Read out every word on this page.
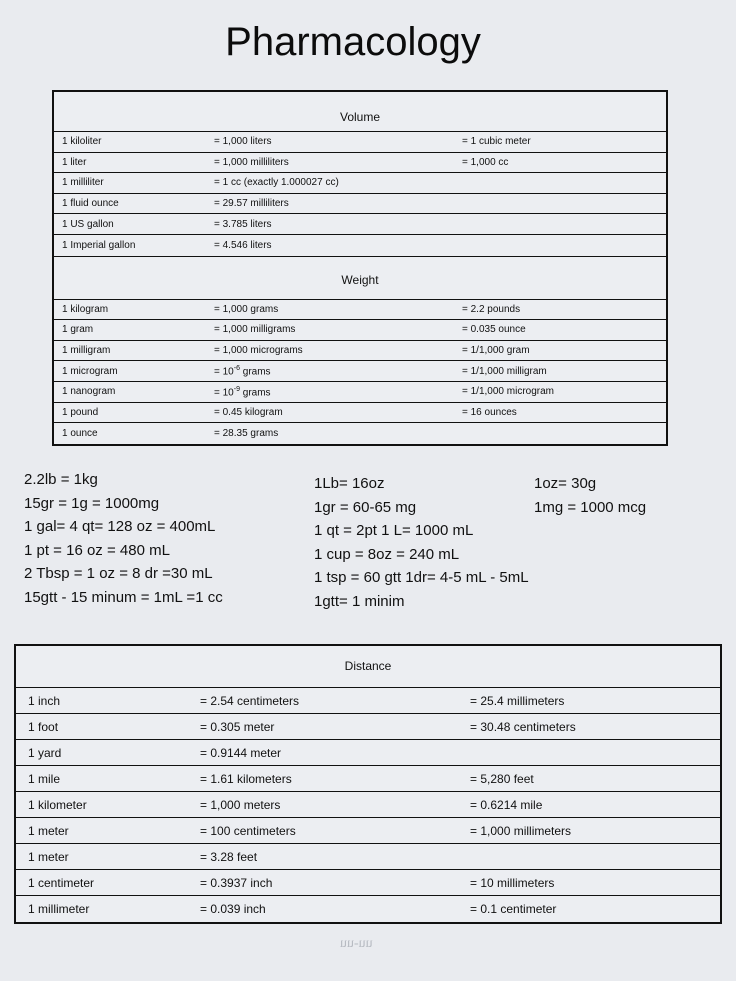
Pharmacology
Volume
1 kiloliter	= 1,000 liters	= 1 cubic meter
1 liter	= 1,000 milliliters	= 1,000 cc
1 milliliter	= 1 cc (exactly 1.000027 cc)
1 fluid ounce	= 29.57 milliliters
1 US gallon	= 3.785 liters
1 Imperial gallon	= 4.546 liters
Weight
1 kilogram	= 1,000 grams	= 2.2 pounds
1 gram	= 1,000 milligrams	= 0.035 ounce
1 milligram	= 1,000 micrograms	= 1/1,000 gram
1 microgram	= $10^{-6}$ grams	= 1/1,000 milligram
1 nanogram	= $10^{-9}$ grams	= 1/1,000 microgram
1 pound	= 0.45 kilogram	= 16 ounces
1 ounce	= 28.35 grams
2.2lb = 1kg
15gr = 1g = 1000mg
1 gal= 4 qt= 128 oz = 400mL
1 pt = 16 oz = 480 mL
2 Tbsp = 1 oz = 8 dr =30 mL
15gtt - 15 minum = 1mL =1 cc
1Lb= 16oz
1gr = 60-65 mg
1 qt = 2pt 1 L= 1000 mL
1 cup = 8oz = 240 mL
1 tsp = 60 gtt 1dr= 4-5 mL - 5mL
1gtt= 1 minim
1oz= 30g
1mg = 1000 mcg
Distance
1 inch	= 2.54 centimeters	= 25.4 millimeters
1 foot	= 0.305 meter	= 30.48 centimeters
1 yard	= 0.9144 meter
1 mile	= 1.61 kilometers	= 5,280 feet
1 kilometer	= 1,000 meters	= 0.6214 mile
1 meter	= 100 centimeters	= 1,000 millimeters
1 meter	= 3.28 feet
1 centimeter	= 0.3937 inch	= 10 millimeters
1 millimeter	= 0.039 inch	= 0.1 centimeter
uu-uu
